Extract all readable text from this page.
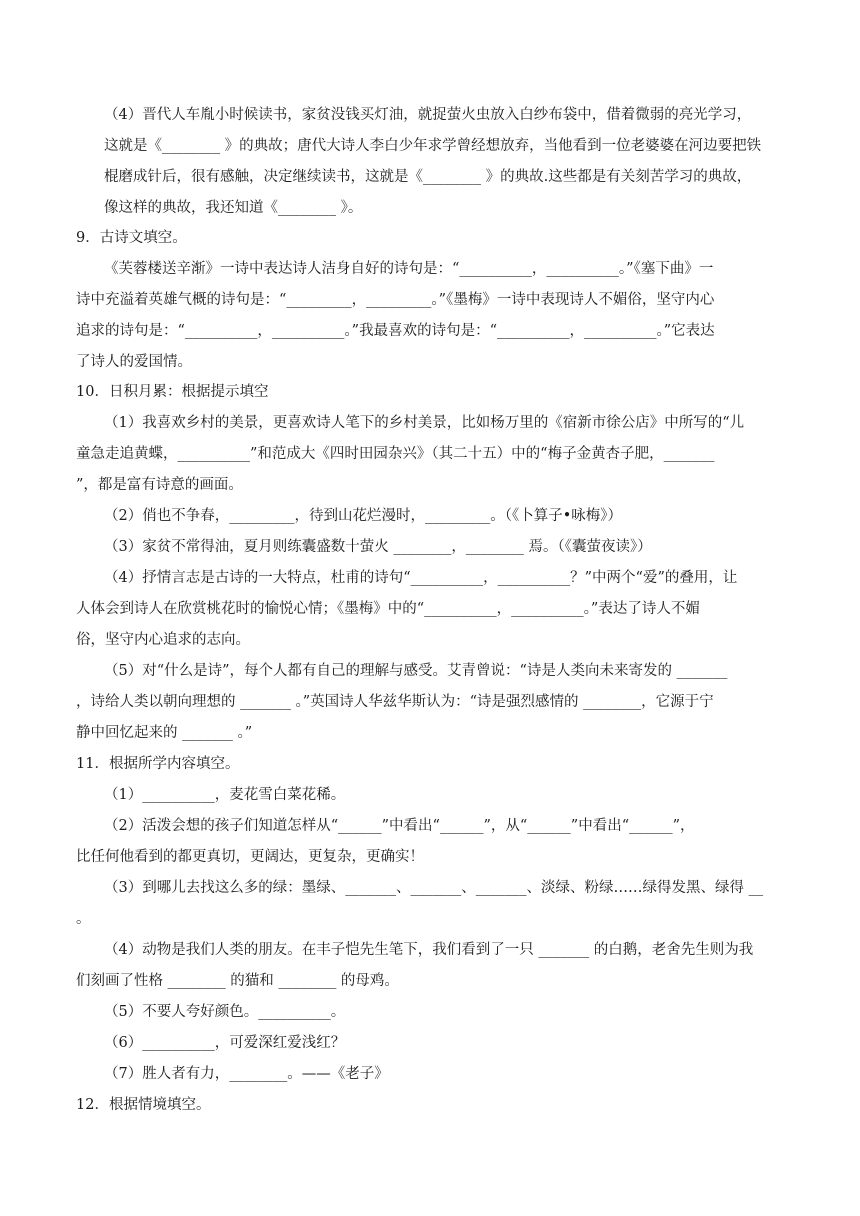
（4）晋代人车胤小时候读书，家贫没钱买灯油，就捉萤火虫放入白纱布袋中，借着微弱的亮光学习，
这就是《________ 》的典故；唐代大诗人李白少年求学曾经想放弃，当他看到一位老婆婆在河边要把铁
棍磨成针后，很有感触，决定继续读书，这就是《________ 》的典故.这些都是有关刻苦学习的典故，
像这样的典故，我还知道《________ 》。
9．古诗文填空。
《芙蓉楼送辛渐》一诗中表达诗人洁身自好的诗句是：“__________，__________。”《塞下曲》一
诗中充溢着英雄气概的诗句是：“_________，_________。”《墨梅》一诗中表现诗人不媚俗，坚守内心
追求的诗句是：“__________，__________。”我最喜欢的诗句是：“__________，__________。”它表达
了诗人的爱国情。
10．日积月累：根据提示填空
（1）我喜欢乡村的美景，更喜欢诗人笔下的乡村美景，比如杨万里的《宿新市徐公店》中所写的“儿
童急走追黄蝶，__________”和范成大《四时田园杂兴》（其二十五）中的“梅子金黄杏子肥，_______
”，都是富有诗意的画面。
（2）俏也不争春，_________，待到山花烂漫时，_________。（《卜算子•咏梅》）
（3）家贫不常得油，夏月则练囊盛数十萤火 ________，________ 焉。（《囊萤夜读》）
（4）抒情言志是古诗的一大特点，杜甫的诗句“__________，__________？”中两个“爱”的叠用，让
人体会到诗人在欣赏桃花时的愉悦心情；《墨梅》中的“__________，__________。”表达了诗人不媚
俗，坚守内心追求的志向。
（5）对“什么是诗”，每个人都有自己的理解与感受。艾青曾说：“诗是人类向未来寄发的 _______
，诗给人类以朝向理想的 _______ 。”英国诗人华兹华斯认为：“诗是强烈感情的 ________，它源于宁
静中回忆起来的 _______ 。”
11．根据所学内容填空。
（1）__________，麦花雪白菜花稀。
（2）活泼会想的孩子们知道怎样从“______”中看出“______”，从“______”中看出“______”，
比任何他看到的都更真切，更阔达，更复杂，更确实！
（3）到哪儿去找这么多的绿：墨绿、_______、_______、_______、淡绿、粉绿……绿得发黑、绿得 __
。
（4）动物是我们人类的朋友。在丰子恺先生笔下，我们看到了一只 _______ 的白鹅，老舍先生则为我
们刻画了性格 ________ 的猫和 ________ 的母鸡。
（5）不要人夸好颜色。__________。
（6）__________，可爱深红爱浅红？
（7）胜人者有力，________。——《老子》
12．根据情境填空。
